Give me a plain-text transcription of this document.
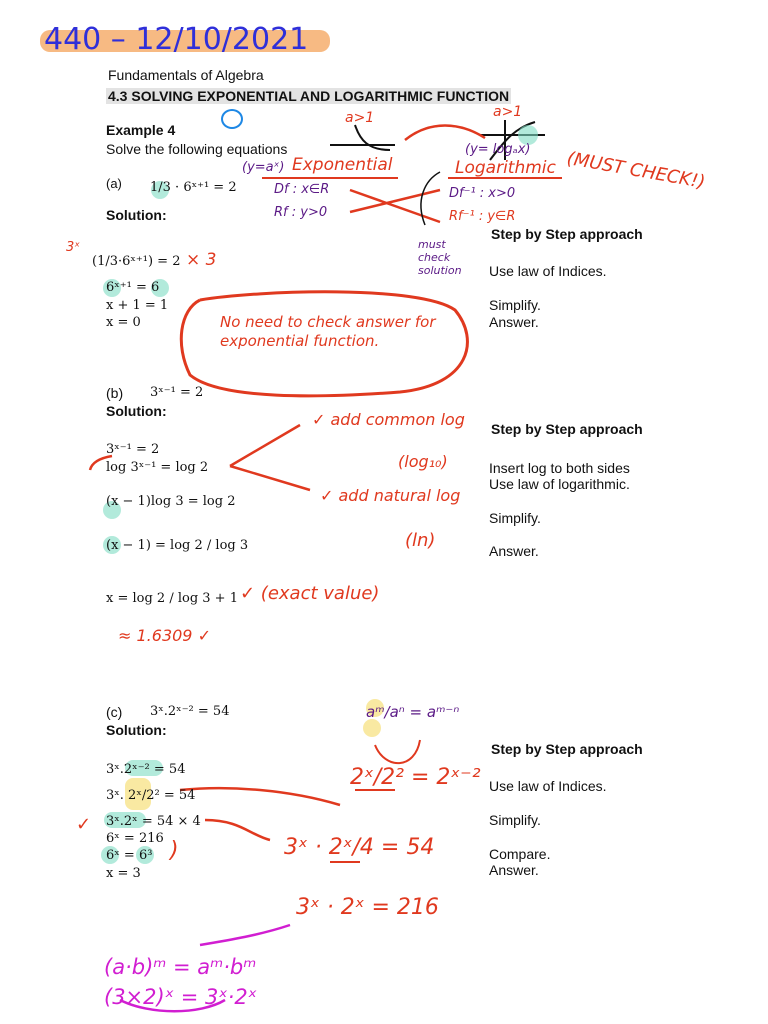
440 – 12/10/2021
Fundamentals of Algebra
4.3 SOLVING EXPONENTIAL AND LOGARITHMIC FUNCTION
Example 4
Solve the following equations
a>1	a>1
(y=aˣ) Exponential
(y= logₐx)
Logarithmic (MUST CHECK!)
Df : x∈R
Rf : y>0
Df⁻¹ : x>0
Rf⁻¹ : y∈R
must check solution
(a) 1/3 · 6ˣ⁺¹ = 2
Solution:
Step by Step approach
3ˣ
(1/3·6ˣ⁺¹) = 2 × 3
6ˣ⁺¹ = 6
x + 1 = 1
x = 0
Use law of Indices.
Simplify.
Answer.
No need to check answer for exponential function.
(b) 3ˣ⁻¹ = 2
Solution:
Step by Step approach
3ˣ⁻¹ = 2
log 3ˣ⁻¹ = log 2
(x − 1)log 3 = log 2
(x − 1) = log 2 / log 3
x = log 2 / log 3 + 1
Insert log to both sides
Use law of logarithmic.
Simplify.
Answer.
✓ add common log
(log₁₀)
✓ add natural log
(ln)
✓ (exact value)
≈ 1.6309 ✓
(c) 3ˣ.2ˣ⁻² = 54
Solution:
Step by Step approach
3ˣ.2ˣ⁻² = 54
3ˣ. 2ˣ/2² = 54
3ˣ.2ˣ = 54 × 4
6ˣ = 216
6ˣ = 6³
x = 3
Use law of Indices.
Simplify.
Compare.
Answer.
✓
)
aᵐ/aⁿ = aᵐ⁻ⁿ
2ˣ/2² = 2ˣ⁻²
3ˣ · 2ˣ/4 = 54
3ˣ · 2ˣ = 216
(a·b)ᵐ = aᵐ·bᵐ
(3×2)ˣ = 3ˣ·2ˣ
